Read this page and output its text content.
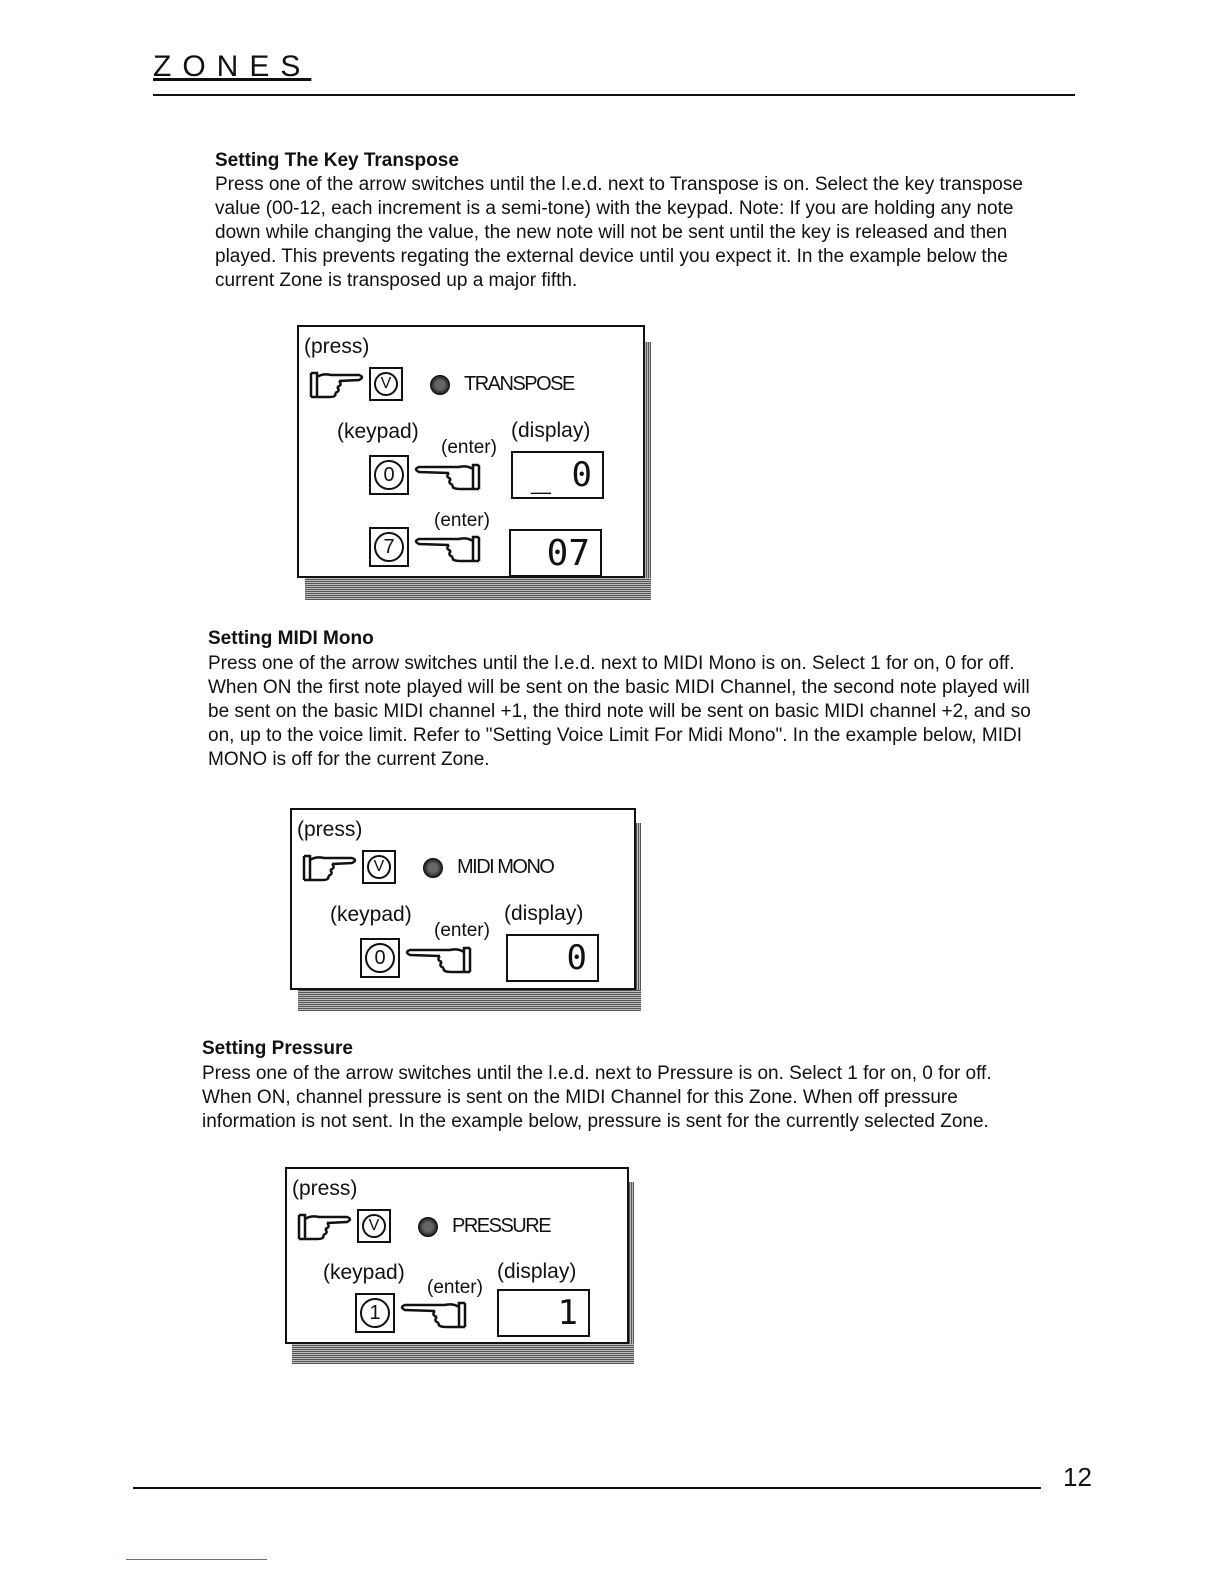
ZONES
Setting The Key Transpose
Press one of the arrow switches until the l.e.d. next to Transpose is on. Select the key transpose
value (00-12, each increment is a semi-tone) with the keypad. Note: If you are holding any note
down while changing the value, the new note will not be sent until the key is released and then
played. This prevents regating the external device until you expect it. In the example below the
current Zone is transposed up a major fifth.
(press)
V	TRANSPOSE
(keypad)
(enter)
(display)
0	_ 0
(enter)
7	07
Setting MIDI Mono
Press one of the arrow switches until the l.e.d. next to MIDI Mono is on. Select 1 for on, 0 for off.
When ON the first note played will be sent on the basic MIDI Channel, the second note played will
be sent on the basic MIDI channel +1, the third note will be sent on basic MIDI channel +2, and so
on, up to the voice limit. Refer to "Setting Voice Limit For Midi Mono". In the example below, MIDI
MONO is off for the current Zone.
(press)
V	MIDI MONO
(keypad)
(enter)
(display)
0	0
Setting Pressure
Press one of the arrow switches until the l.e.d. next to Pressure is on. Select 1 for on, 0 for off.
When ON, channel pressure is sent on the MIDI Channel for this Zone. When off pressure
information is not sent. In the example below, pressure is sent for the currently selected Zone.
(press)
V	PRESSURE
(keypad)
(enter)
(display)
1	1
12
